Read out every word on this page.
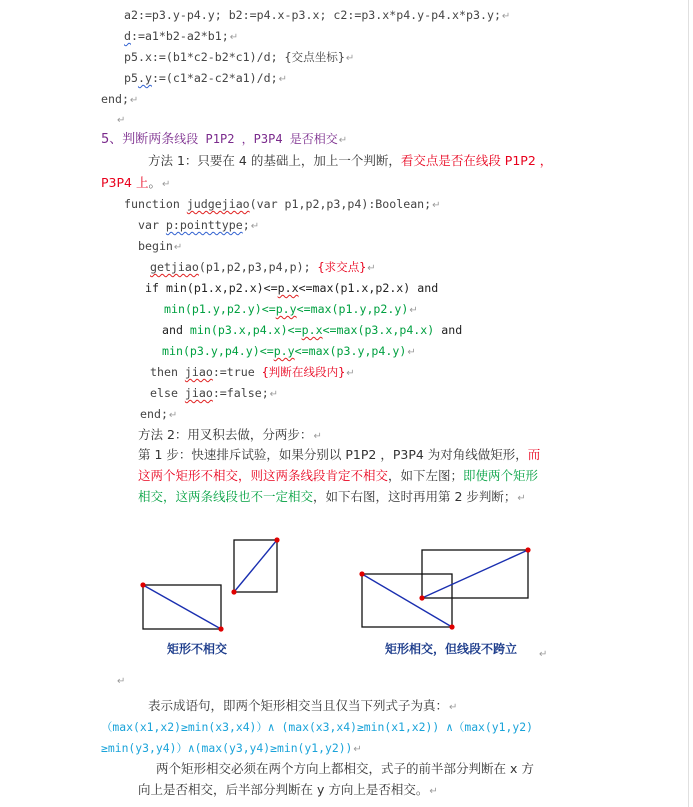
a2:=p3.y-p4.y; b2:=p4.x-p3.x; c2:=p3.x*p4.y-p4.x*p3.y;↵
d:=a1*b2-a2*b1;↵
p5.x:=(b1*c2-b2*c1)/d; {交点坐标}↵
p5.y:=(c1*a2-c2*a1)/d;↵
end;↵
↵
5、判断两条线段 P1P2 ，P3P4 是否相交↵
方法 1：只要在 4 的基础上，加上一个判断，看交点是否在线段 P1P2 ，
P3P4 上。↵
function judgejiao(var p1,p2,p3,p4):Boolean;↵
var p:pointtype;↵
begin↵
getjiao(p1,p2,p3,p4,p); {求交点}↵
if min(p1.x,p2.x)<=p.x<=max(p1.x,p2.x) and
min(p1.y,p2.y)<=p.y<=max(p1.y,p2.y)↵
and min(p3.x,p4.x)<=p.x<=max(p3.x,p4.x) and
min(p3.y,p4.y)<=p.y<=max(p3.y,p4.y)↵
then jiao:=true {判断在线段内}↵
else jiao:=false;↵
end;↵
方法 2：用叉积去做，分两步：↵
第 1 步：快速排斥试验，如果分别以 P1P2 ，P3P4 为对角线做矩形，而
这两个矩形不相交，则这两条线段肯定不相交，如下左图；即使两个矩形
相交，这两条线段也不一定相交，如下右图，这时再用第 2 步判断；↵
矩形不相交	矩形相交，但线段不跨立 ↵
↵
表示成语句，即两个矩形相交当且仅当下列式子为真：↵
（max(x1,x2)≥min(x3,x4)）∧ (max(x3,x4)≥min(x1,x2)) ∧（max(y1,y2)
≥min(y3,y4)）∧(max(y3,y4)≥min(y1,y2))↵
两个矩形相交必须在两个方向上都相交，式子的前半部分判断在 x 方
向上是否相交，后半部分判断在 y 方向上是否相交。↵
